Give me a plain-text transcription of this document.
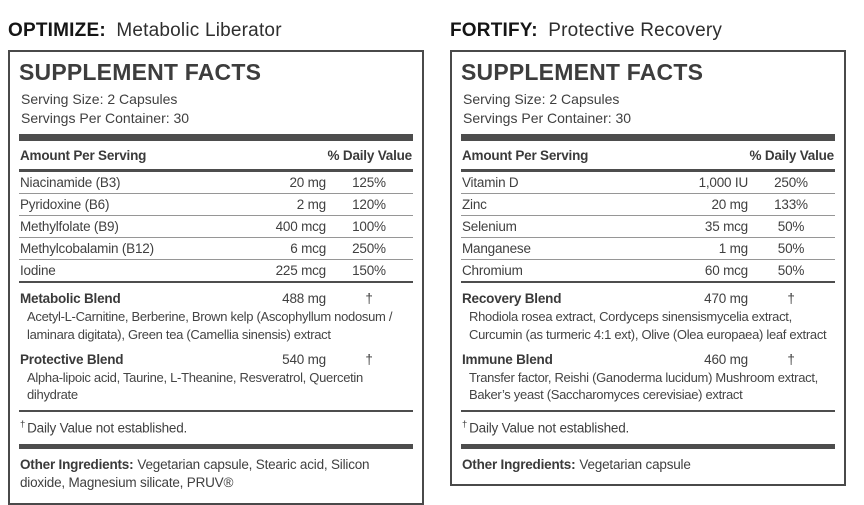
OPTIMIZE: Metabolic Liberator
SUPPLEMENT FACTS
Serving Size: 2 Capsules
Servings Per Container: 30
Amount Per Serving	% Daily Value
Niacinamide (B3)	20 mg	125%
Pyridoxine (B6)	2 mg	120%
Methylfolate (B9)	400 mcg	100%
Methylcobalamin (B12)	6 mcg	250%
Iodine	225 mcg	150%
Metabolic Blend	488 mg	†
Acetyl-L-Carnitine, Berberine, Brown kelp (Ascophyllum nodosum / laminara digitata), Green tea (Camellia sinensis) extract
Protective Blend	540 mg	†
Alpha-lipoic acid, Taurine, L-Theanine, Resveratrol, Quercetin dihydrate
† Daily Value not established.
Other Ingredients: Vegetarian capsule, Stearic acid, Silicon dioxide, Magnesium silicate, PRUV®
FORTIFY: Protective Recovery
SUPPLEMENT FACTS
Serving Size: 2 Capsules
Servings Per Container: 30
Amount Per Serving	% Daily Value
Vitamin D	1,000 IU	250%
Zinc	20 mg	133%
Selenium	35 mcg	50%
Manganese	1 mg	50%
Chromium	60 mcg	50%
Recovery Blend	470 mg	†
Rhodiola rosea extract, Cordyceps sinensismycelia extract, Curcumin (as turmeric 4:1 ext), Olive (Olea europaea) leaf extract
Immune Blend	460 mg	†
Transfer factor, Reishi (Ganoderma lucidum) Mushroom extract, Baker’s yeast (Saccharomyces cerevisiae) extract
† Daily Value not established.
Other Ingredients: Vegetarian capsule
